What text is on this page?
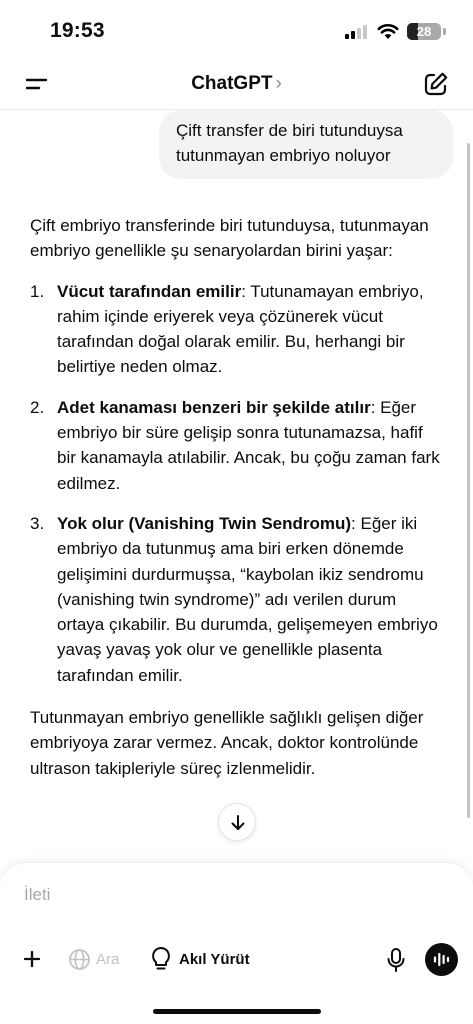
19:53	28
ChatGPT ›
Çift transfer de biri tutunduysa tutunmayan embriyo noluyor

Çift embriyo transferinde biri tutunduysa, tutunmayan embriyo genellikle şu senaryolardan birini yaşar:

1. Vücut tarafından emilir: Tutunamayan embriyo, rahim içinde eriyerek veya çözünerek vücut tarafından doğal olarak emilir. Bu, herhangi bir belirtiye neden olmaz.
2. Adet kanaması benzeri bir şekilde atılır: Eğer embriyo bir süre gelişip sonra tutunamazsa, hafif bir kanamayla atılabilir. Ancak, bu çoğu zaman fark edilmez.
3. Yok olur (Vanishing Twin Sendromu): Eğer iki embriyo da tutunmuş ama biri erken dönemde gelişimini durdurmuşsa, “kaybolan ikiz sendromu (vanishing twin syndrome)” adı verilen durum ortaya çıkabilir. Bu durumda, gelişemeyen embriyo yavaş yavaş yok olur ve genellikle plasenta tarafından emilir.

Tutunmayan embriyo genellikle sağlıklı gelişen diğer embriyoya zarar vermez. Ancak, doktor kontrolünde ultrason takipleriyle süreç izlenmelidir.

İleti
Ara	Akıl Yürüt
